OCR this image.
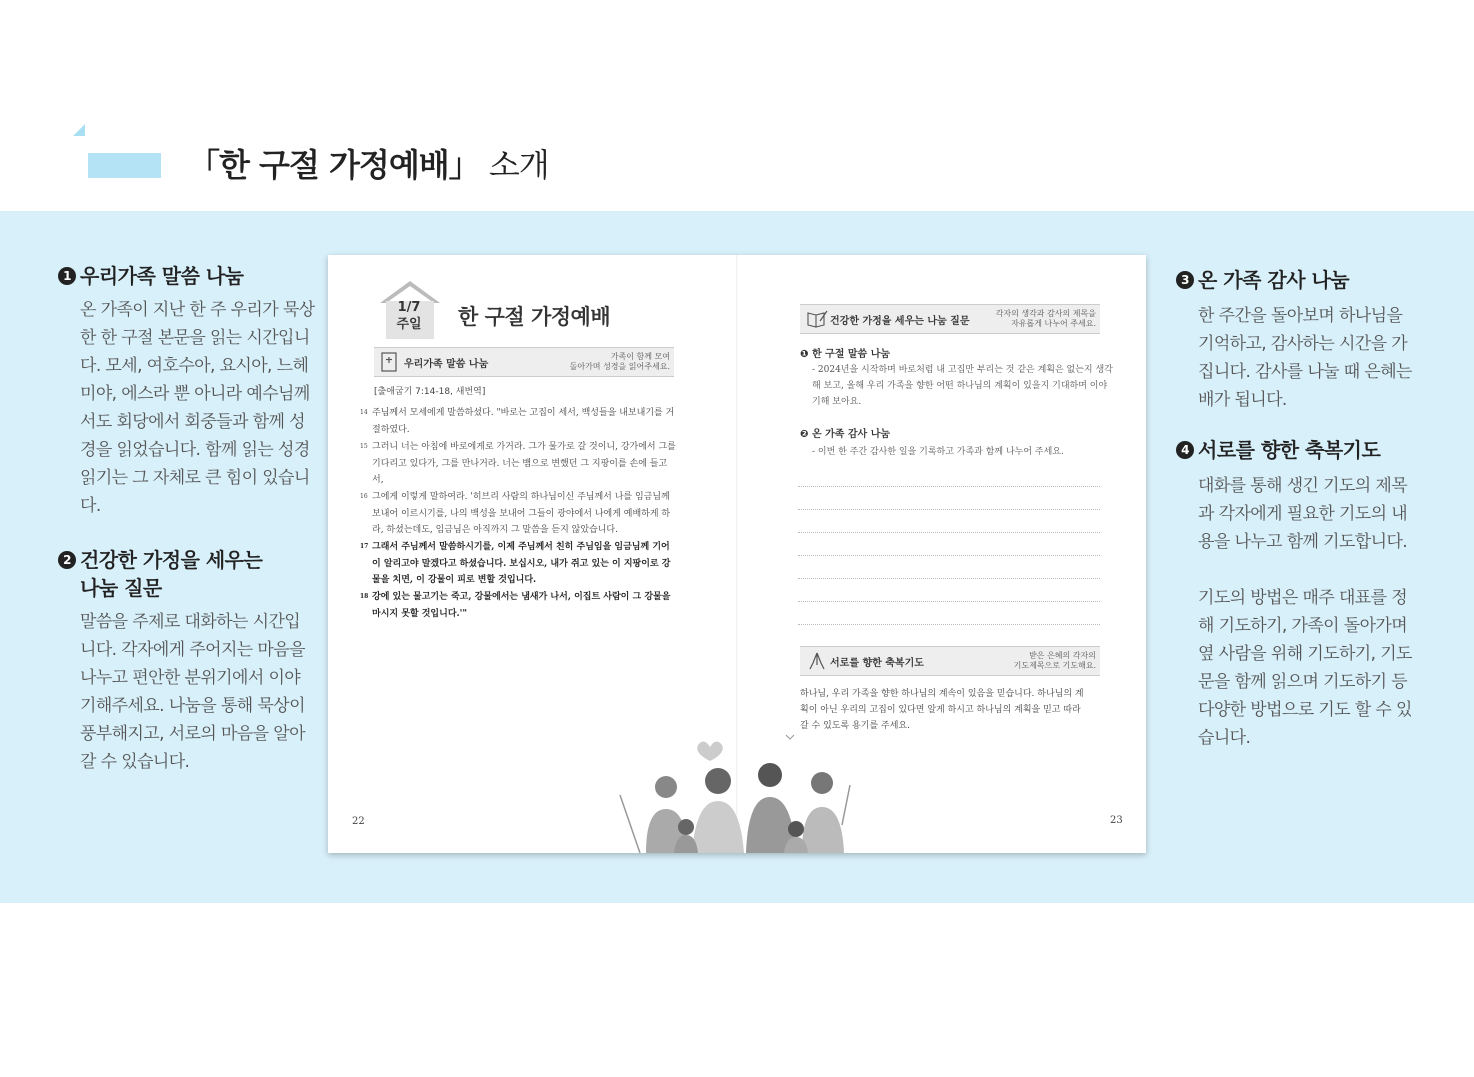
「한 구절 가정예배」 소개
1 우리가족 말씀 나눔
온 가족이 지난 한 주 우리가 묵상
한 한 구절 본문을 읽는 시간입니
다. 모세, 여호수아, 요시아, 느헤
미야, 에스라 뿐 아니라 예수님께
서도 회당에서 회중들과 함께 성
경을 읽었습니다. 함께 읽는 성경
읽기는 그 자체로 큰 힘이 있습니
다.
2 건강한 가정을 세우는
나눔 질문
말씀을 주제로 대화하는 시간입
니다. 각자에게 주어지는 마음을
나누고 편안한 분위기에서 이야
기해주세요. 나눔을 통해 묵상이
풍부해지고, 서로의 마음을 알아
갈 수 있습니다.
3 온 가족 감사 나눔
한 주간을 돌아보며 하나님을
기억하고, 감사하는 시간을 가
집니다. 감사를 나눌 때 은혜는
배가 됩니다.
4 서로를 향한 축복기도
대화를 통해 생긴 기도의 제목
과 각자에게 필요한 기도의 내
용을 나누고 함께 기도합니다.

기도의 방법은 매주 대표를 정
해 기도하기, 가족이 돌아가며
옆 사람을 위해 기도하기, 기도
문을 함께 읽으며 기도하기 등
다양한 방법으로 기도 할 수 있
습니다.
1/7
주일	한 구절 가정예배
우리가족 말씀 나눔
가족이 함께 모여
돌아가며 성경을 읽어주세요.
[출애굽기 7:14-18, 새번역]
14 주님께서 모세에게 말씀하셨다. "바로는 고집이 세서, 백성들을 내보내기를 거절하였다.
15 그러니 너는 아침에 바로에게로 가거라. 그가 물가로 갈 것이니, 강가에서 그를 기다리고 있다가, 그를 만나거라. 너는 뱀으로 변했던 그 지팡이를 손에 들고서,
16 그에게 이렇게 말하여라. '히브리 사람의 하나님이신 주님께서 나를 임금님께 보내어 이르시기를, 나의 백성을 보내어 그들이 광야에서 나에게 예배하게 하라, 하셨는데도, 임금님은 아직까지 그 말씀을 듣지 않았습니다.
17 그래서 주님께서 말씀하시기를, 이제 주님께서 친히 주님임을 임금님께 기어이 알리고야 말겠다고 하셨습니다. 보십시오, 내가 쥐고 있는 이 지팡이로 강물을 치면, 이 강물이 피로 변할 것입니다.
18 강에 있는 물고기는 죽고, 강물에서는 냄새가 나서, 이집트 사람이 그 강물을 마시지 못할 것입니다.'"
건강한 가정을 세우는 나눔 질문
각자의 생각과 감사의 제목을
자유롭게 나누어 주세요.
❶ 한 구절 말씀 나눔
- 2024년을 시작하며 바로처럼 내 고집만 부리는 것 같은 계획은 없는지 생각
해 보고, 올해 우리 가족을 향한 어떤 하나님의 계획이 있을지 기대하며 이야
기해 보아요.
❷ 온 가족 감사 나눔
- 이번 한 주간 감사한 일을 기록하고 가족과 함께 나누어 주세요.
서로를 향한 축복기도
받은 은혜의 각자의
기도제목으로 기도해요.
하나님, 우리 가족을 향한 하나님의 계속이 있음을 믿습니다. 하나님의 계
획이 아닌 우리의 고집이 있다면 알게 하시고 하나님의 계획을 믿고 따라
갈 수 있도록 용기를 주세요.
22	23
